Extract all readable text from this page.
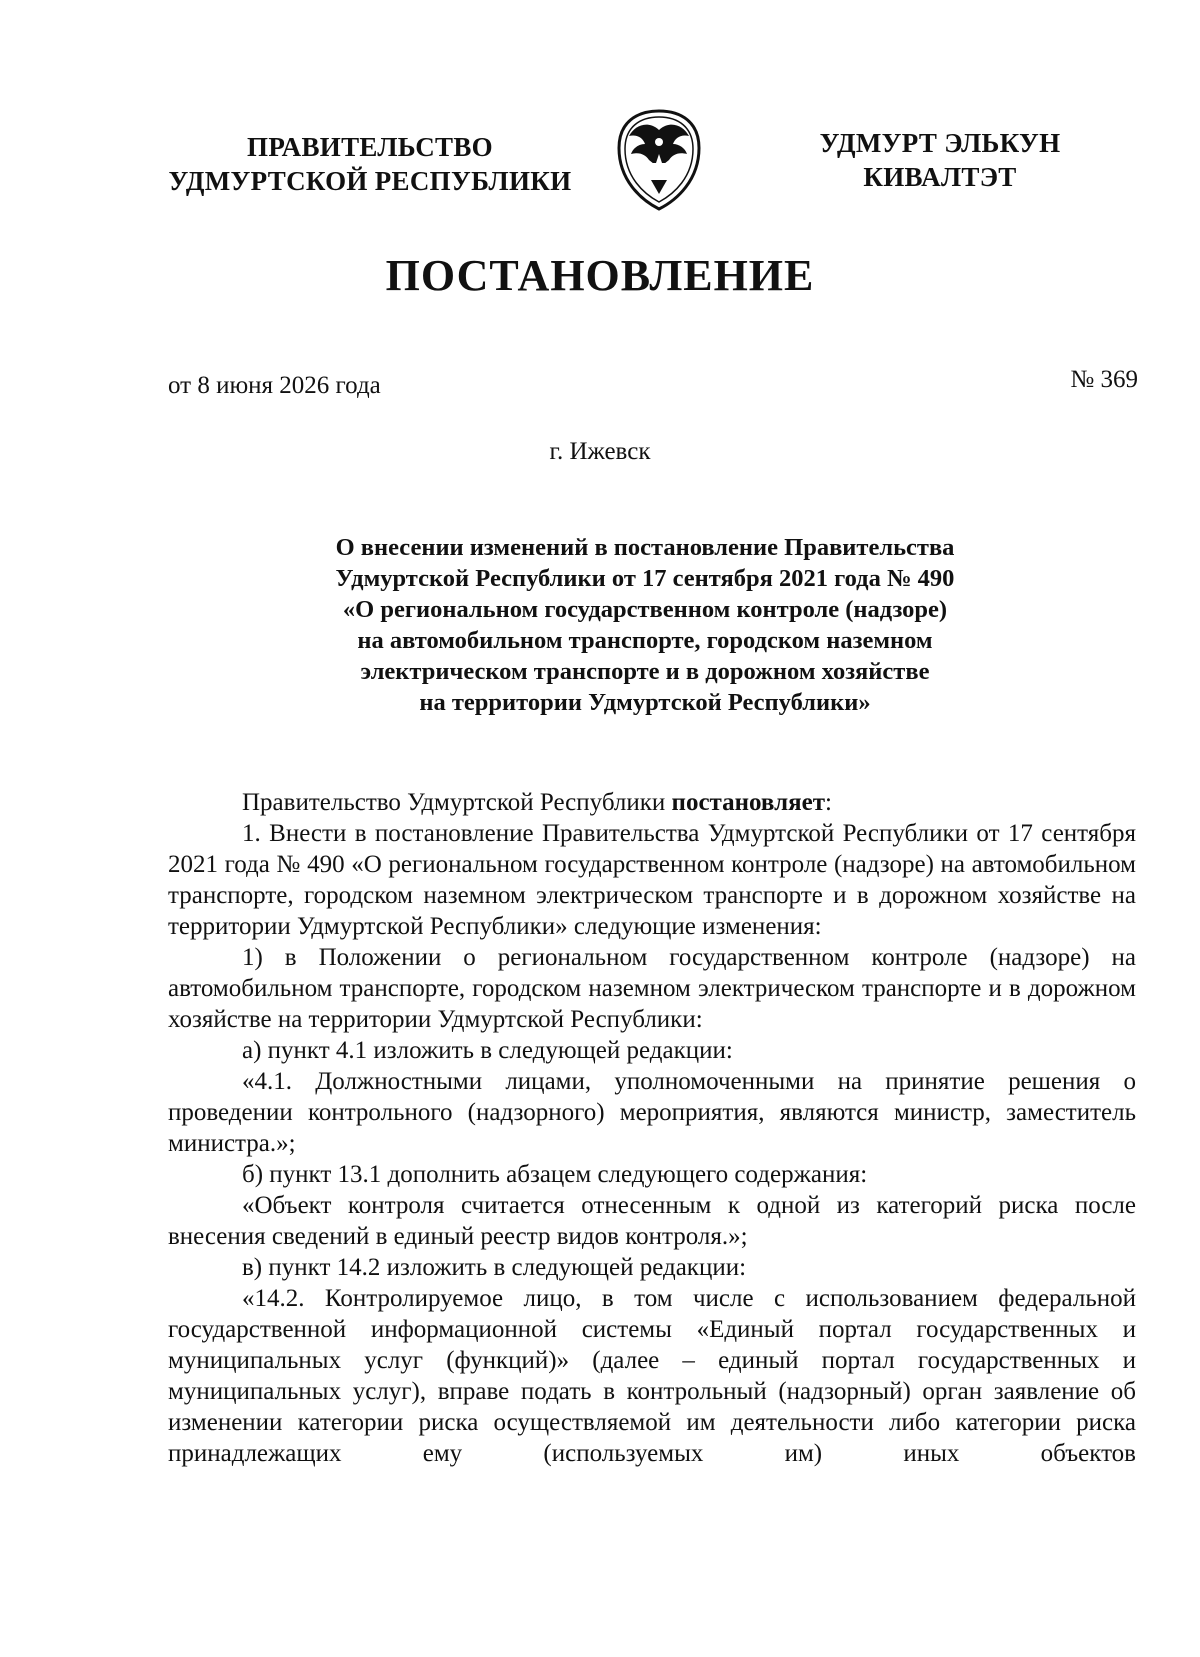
ПРАВИТЕЛЬСТВО
УДМУРТСКОЙ РЕСПУБЛИКИ
УДМУРТ ЭЛЬКУН
КИВАЛТЭТ
ПОСТАНОВЛЕНИЕ
от 8 июня 2026 года	№ 369
г. Ижевск
О внесении изменений в постановление Правительства
Удмуртской Республики от 17 сентября 2021 года № 490
«О региональном государственном контроле (надзоре)
на автомобильном транспорте, городском наземном
электрическом транспорте и в дорожном хозяйстве
на территории Удмуртской Республики»

Правительство Удмуртской Республики постановляет:

1. Внести в постановление Правительства Удмуртской Республики от 17 сентября 2021 года № 490 «О региональном государственном контроле (надзоре) на автомобильном транспорте, городском наземном электрическом транспорте и в дорожном хозяйстве на территории Удмуртской Республики» следующие изменения:

1) в Положении о региональном государственном контроле (надзоре) на автомобильном транспорте, городском наземном электрическом транспорте и в дорожном хозяйстве на территории Удмуртской Республики:

а) пункт 4.1 изложить в следующей редакции:

«4.1. Должностными лицами, уполномоченными на принятие решения о проведении контрольного (надзорного) мероприятия, являются министр, заместитель министра.»;

б) пункт 13.1 дополнить абзацем следующего содержания:

«Объект контроля считается отнесенным к одной из категорий риска после внесения сведений в единый реестр видов контроля.»;

в) пункт 14.2 изложить в следующей редакции:

«14.2. Контролируемое лицо, в том числе с использованием федеральной государственной информационной системы «Единый портал государственных и муниципальных услуг (функций)» (далее – единый портал государственных и муниципальных услуг), вправе подать в контрольный (надзорный) орган заявление об изменении категории риска осуществляемой им деятельности либо категории риска принадлежащих ему (используемых им) иных объектов
